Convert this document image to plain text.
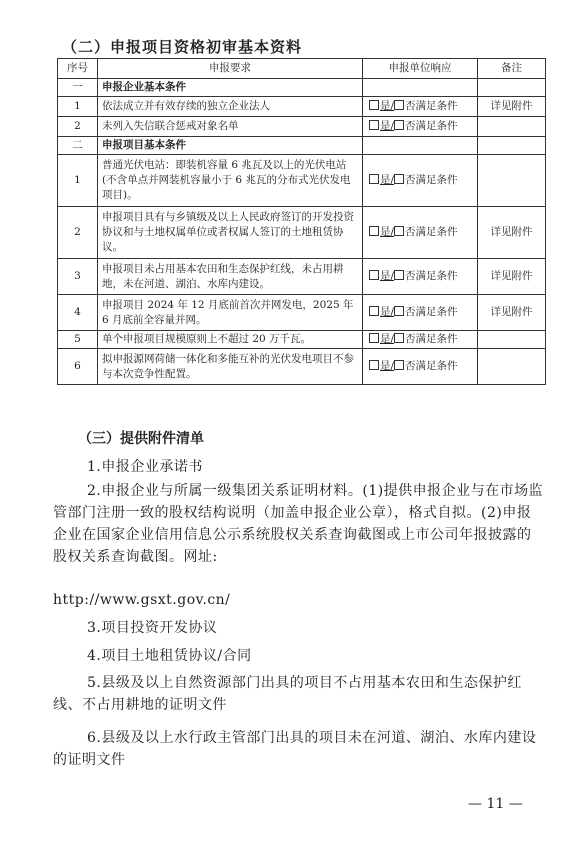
（二）申报项目资格初审基本资料
序号	申报要求	申报单位响应	备注
一	申报企业基本条件		
1	依法成立并有效存续的独立企业法人	是/ 否满足条件	详见附件
2	未列入失信联合惩戒对象名单	是/ 否满足条件	
二	申报项目基本条件		
1	普通光伏电站：即装机容量 6 兆瓦及以上的光伏电站(不含单点并网装机容量小于 6 兆瓦的分布式光伏发电项目)。	是/ 否满足条件	
2	申报项目具有与乡镇级及以上人民政府签订的开发投资协议和与土地权属单位或者权属人签订的土地租赁协议。	是/ 否满足条件	详见附件
3	申报项目未占用基本农田和生态保护红线，未占用耕地，未在河道、湖泊、水库内建设。	是/ 否满足条件	详见附件
4	申报项目 2024 年 12 月底前首次并网发电，2025 年 6 月底前全容量并网。	是/ 否满足条件	详见附件
5	单个申报项目规模原则上不超过 20 万千瓦。	是/ 否满足条件	
6	拟申报源网荷储一体化和多能互补的光伏发电项目不参与本次竞争性配置。	是/ 否满足条件	
（三）提供附件清单
1.申报企业承诺书
2.申报企业与所属一级集团关系证明材料。(1)提供申报企业与在市场监管部门注册一致的股权结构说明（加盖申报企业公章），格式自拟。(2)申报企业在国家企业信用信息公示系统股权关系查询截图或上市公司年报披露的股权关系查询截图。网址:
http://www.gsxt.gov.cn/
3.项目投资开发协议
4.项目土地租赁协议/合同
5.县级及以上自然资源部门出具的项目不占用基本农田和生态保护红线、不占用耕地的证明文件
6.县级及以上水行政主管部门出具的项目未在河道、湖泊、水库内建设的证明文件
— 11 —
